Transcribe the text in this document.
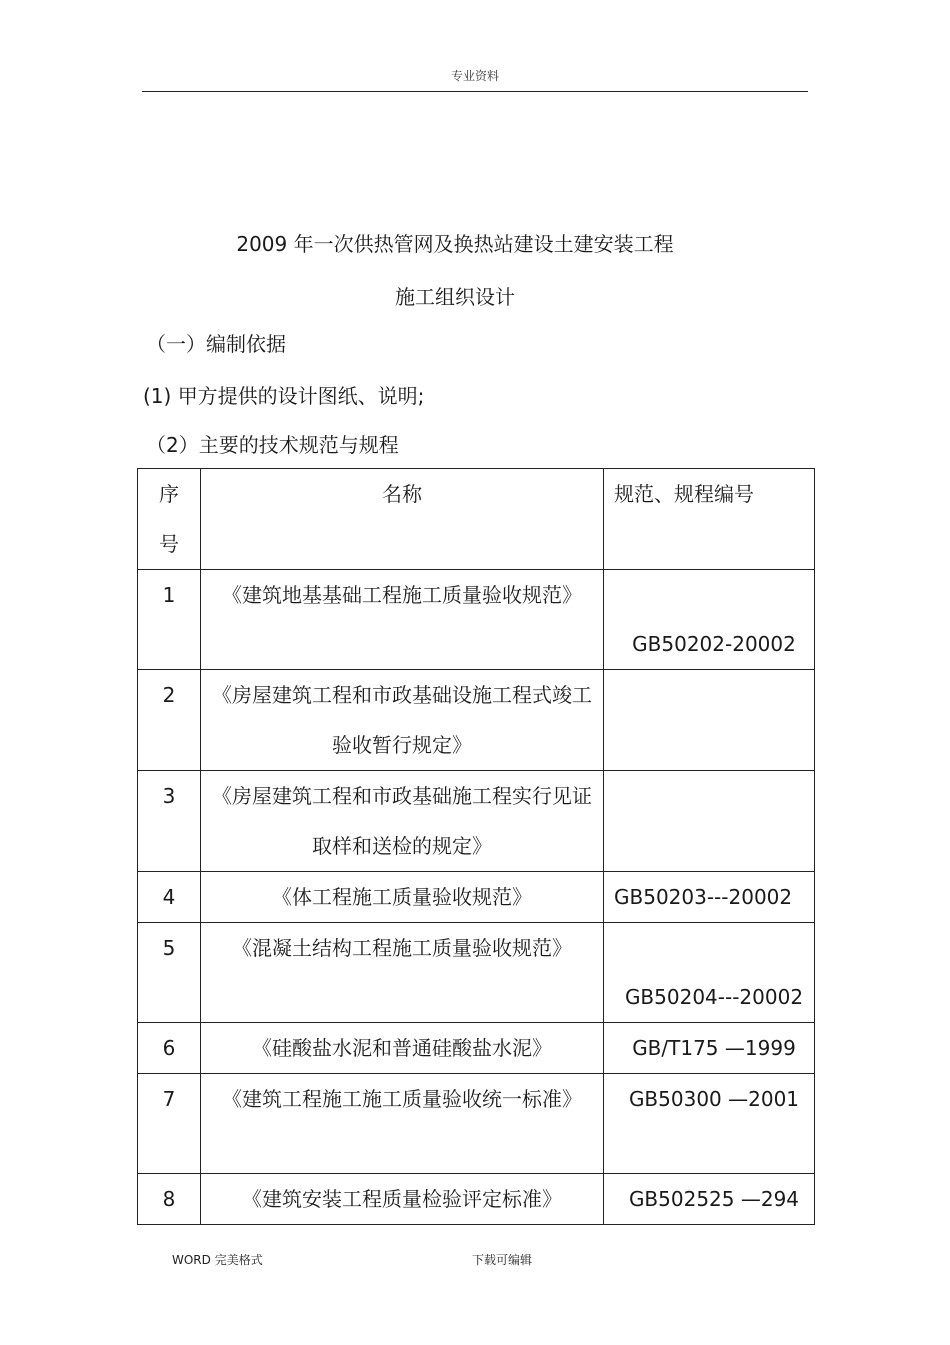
专业资料
2009 年一次供热管网及换热站建设土建安装工程
施工组织设计
（一）编制依据
(1) 甲方提供的设计图纸、说明;
（2）主要的技术规范与规程
序号	名称	规范、规程编号
1	《建筑地基基础工程施工质量验收规范》	GB50202-20002
2	《房屋建筑工程和市政基础设施工程式竣工验收暂行规定》	
3	《房屋建筑工程和市政基础施工程实行见证取样和送检的规定》	
4	《体工程施工质量验收规范》	GB50203---20002
5	《混凝土结构工程施工质量验收规范》	GB50204---20002
6	《硅酸盐水泥和普通硅酸盐水泥》	GB/T175 —1999
7	《建筑工程施工施工质量验收统一标准》	GB50300 —2001
8	《建筑安装工程质量检验评定标准》	GB502525 —294
WORD 完美格式	下载可编辑
